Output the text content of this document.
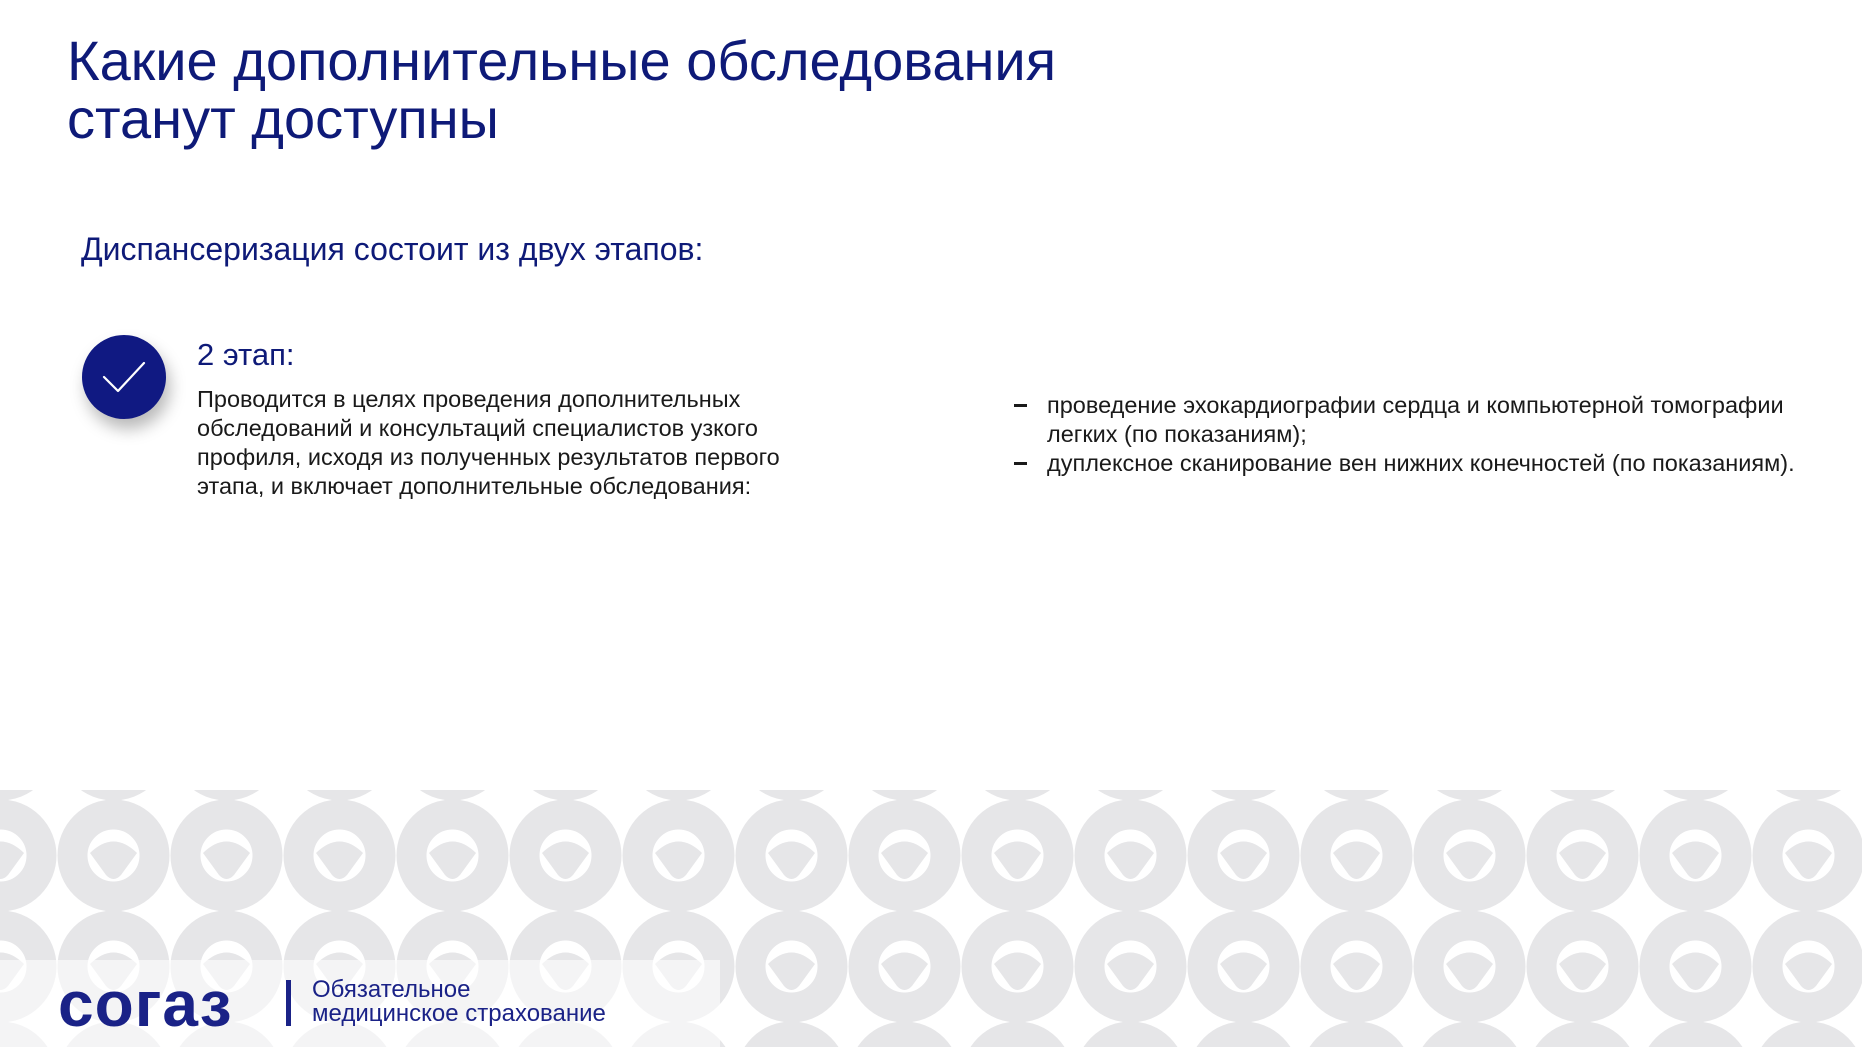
Какие дополнительные обследования
станут доступны
Диспансеризация состоит из двух этапов:
2 этап:
Проводится в целях проведения дополнительных
обследований и консультаций специалистов узкого
профиля, исходя из полученных результатов первого
этапа, и включает дополнительные обследования:
проведение эхокардиографии сердца и компьютерной томографии
легких (по показаниям);
дуплексное сканирование вен нижних конечностей (по показаниям).
согаз	Обязательное
медицинское страхование
